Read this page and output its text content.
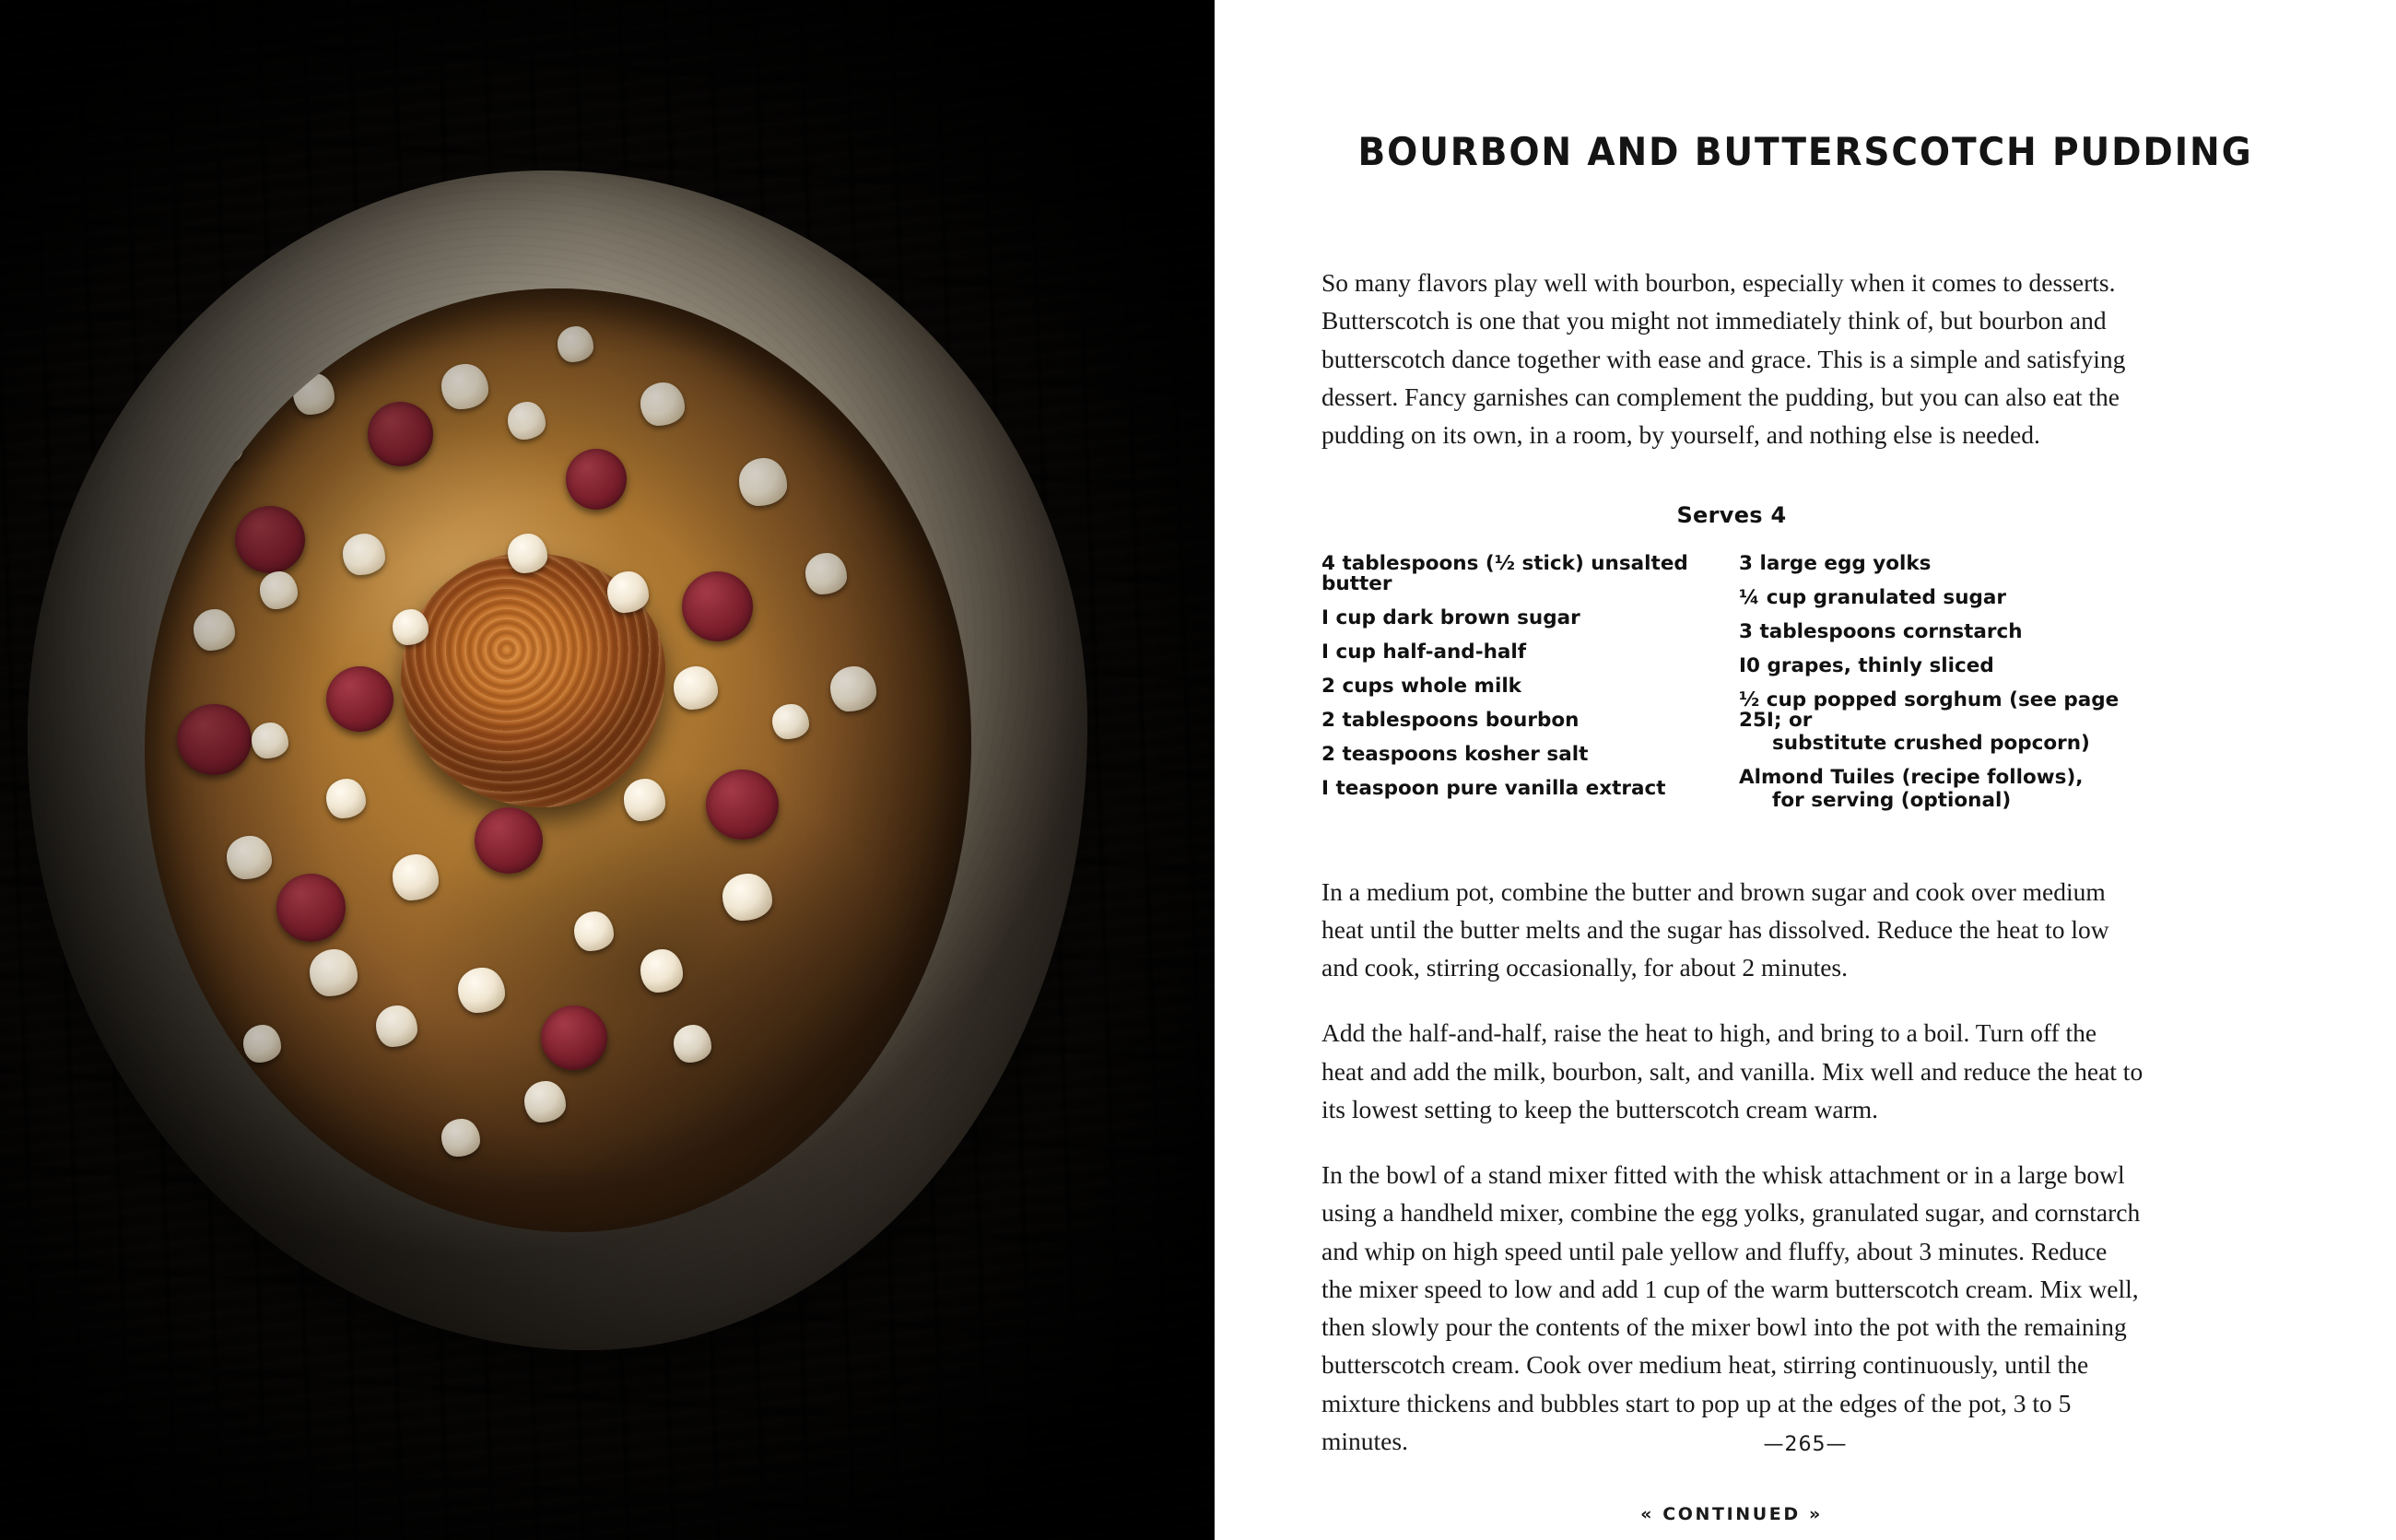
BOURBON AND BUTTERSCOTCH PUDDING

So many flavors play well with bourbon, especially when it comes to desserts. Butterscotch is one that you might not immediately think of, but bourbon and butterscotch dance together with ease and grace. This is a simple and satisfying dessert. Fancy garnishes can complement the pudding, but you can also eat the pudding on its own, in a room, by yourself, and nothing else is needed.

Serves 4
4 tablespoons (½ stick) unsalted butter
I cup dark brown sugar
I cup half-and-half
2 cups whole milk
2 tablespoons bourbon
2 teaspoons kosher salt
I teaspoon pure vanilla extract
3 large egg yolks
¼ cup granulated sugar
3 tablespoons cornstarch
I0 grapes, thinly sliced
½ cup popped sorghum (see page 25I; or
substitute crushed popcorn)
Almond Tuiles (recipe follows),
for serving (optional)

In a medium pot, combine the butter and brown sugar and cook over medium heat until the butter melts and the sugar has dissolved. Reduce the heat to low and cook, stirring occasionally, for about 2 minutes.

Add the half-and-half, raise the heat to high, and bring to a boil. Turn off the heat and add the milk, bourbon, salt, and vanilla. Mix well and reduce the heat to its lowest setting to keep the butterscotch cream warm.

In the bowl of a stand mixer fitted with the whisk attachment or in a large bowl using a handheld mixer, combine the egg yolks, granulated sugar, and cornstarch and whip on high speed until pale yellow and fluffy, about 3 minutes. Reduce the mixer speed to low and add 1 cup of the warm butterscotch cream. Mix well, then slowly pour the contents of the mixer bowl into the pot with the remaining butterscotch cream. Cook over medium heat, stirring continuously, until the mixture thickens and bubbles start to pop up at the edges of the pot, 3 to 5 minutes.

« CONTINUED »
—265—
